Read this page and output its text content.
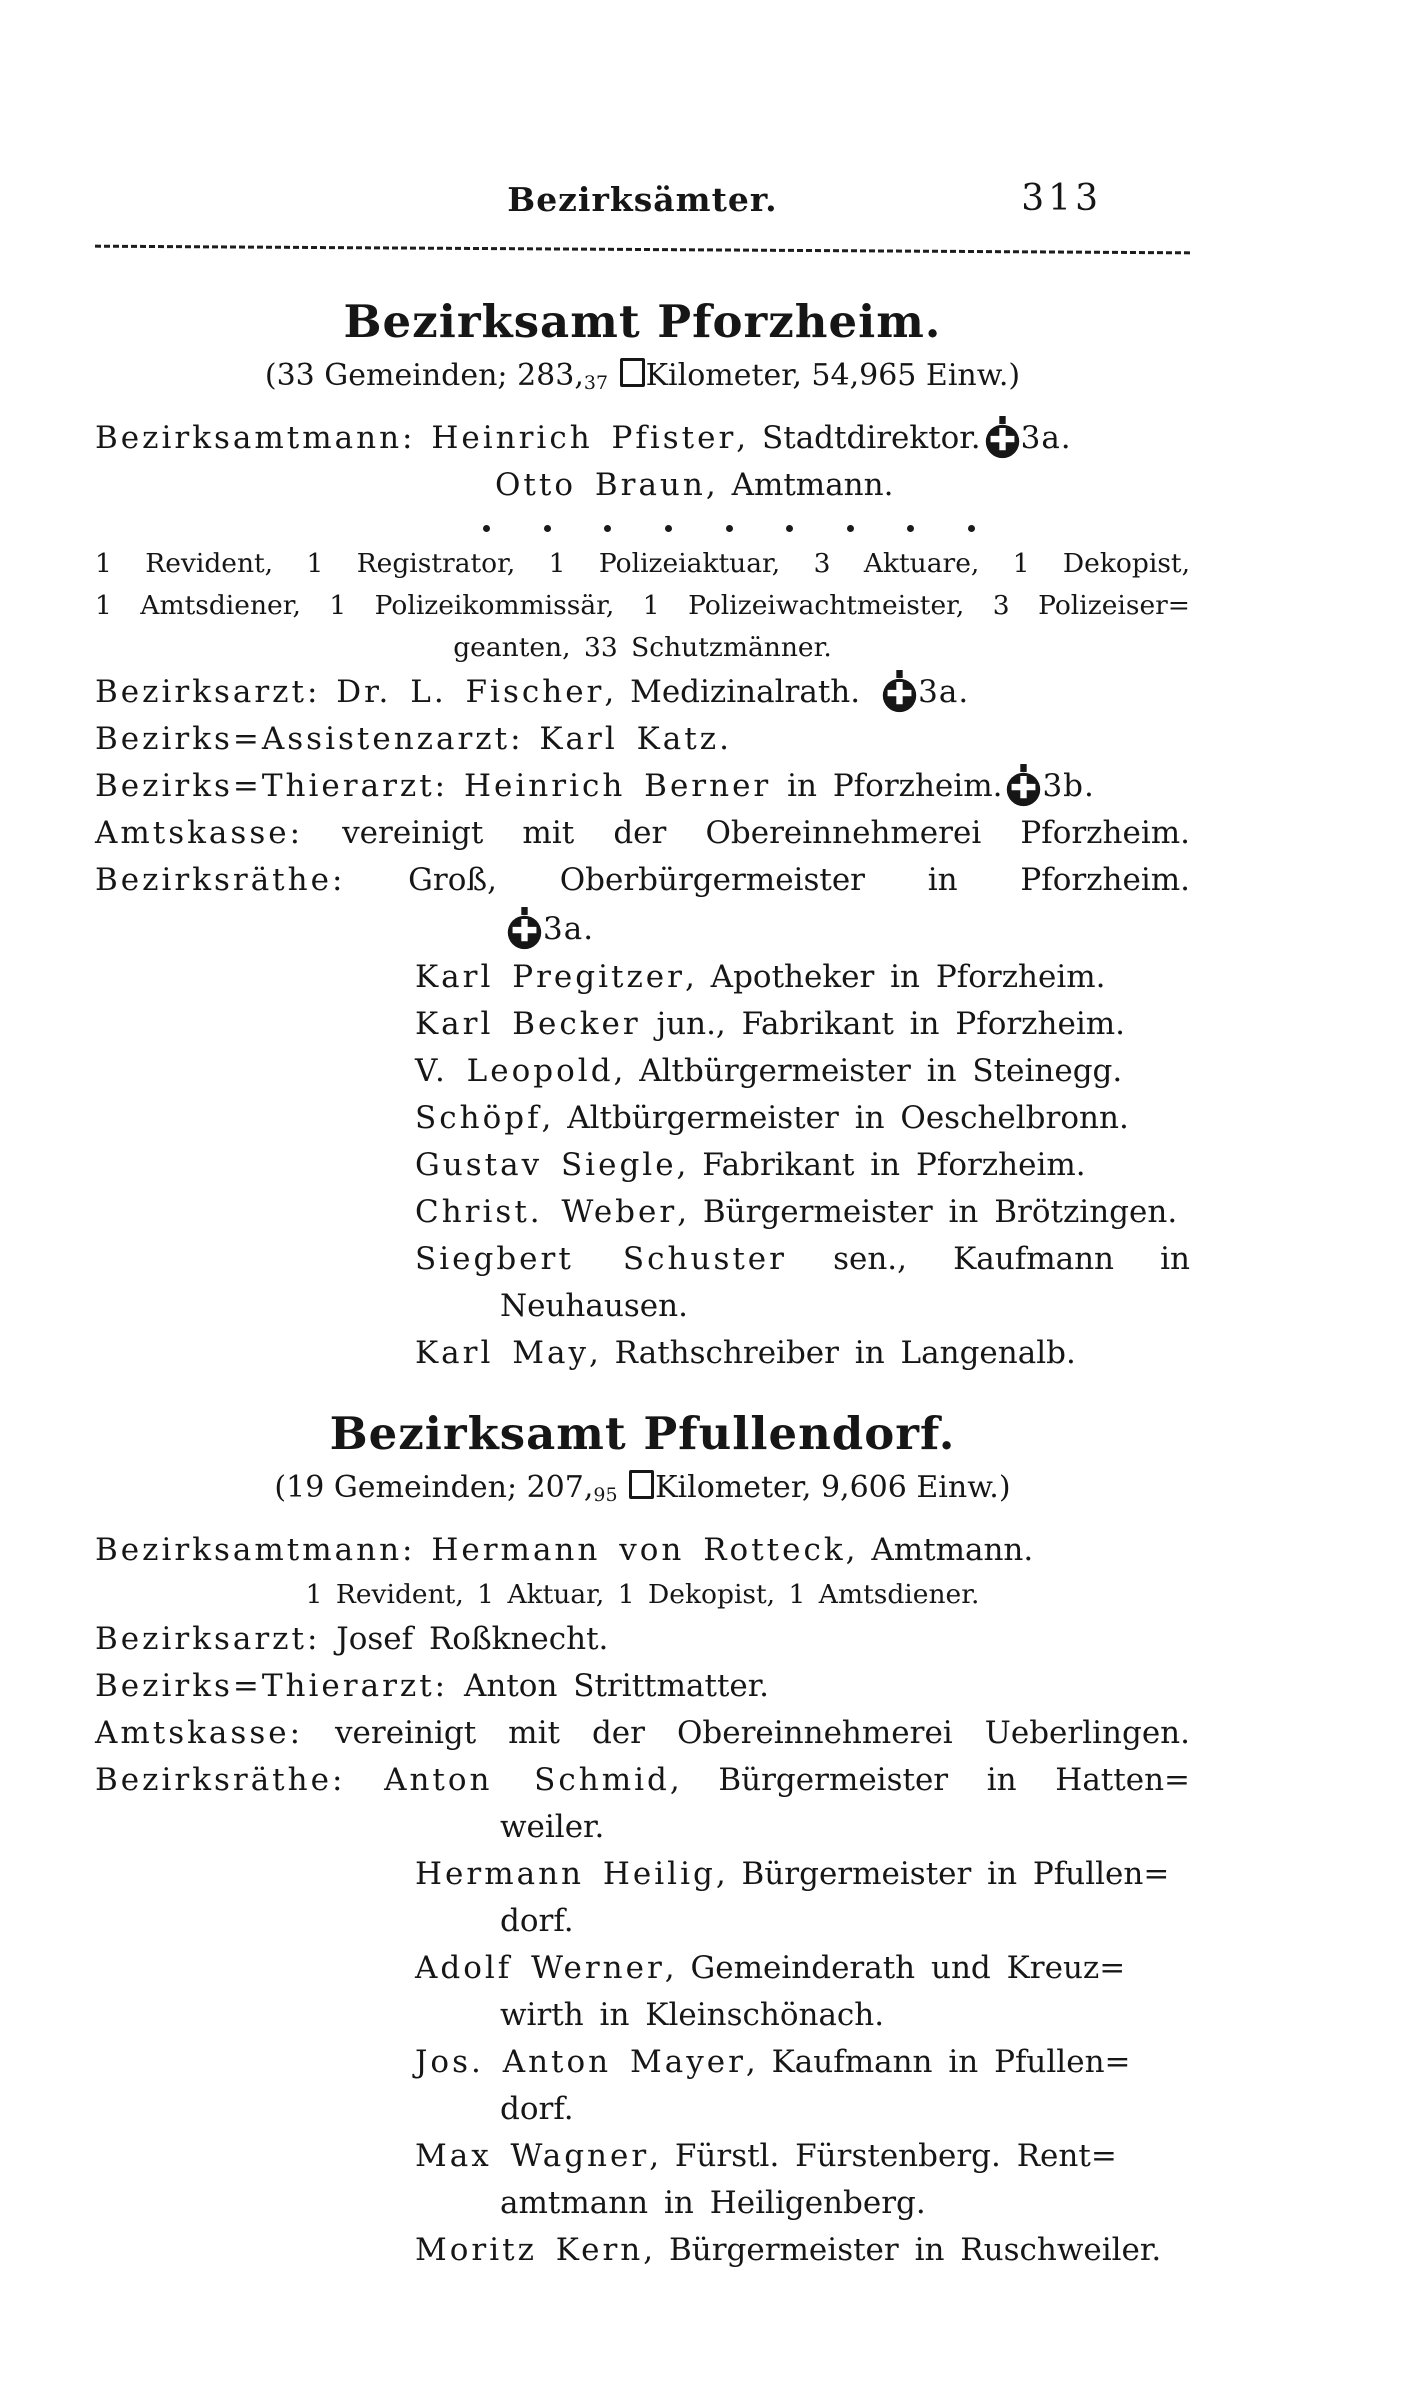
Bezirksämter.	313
Bezirksamt Pforzheim.

(33 Gemeinden; 283,37 Kilometer, 54,965 Einw.)

Bezirksamtmann: Heinrich Pfister, Stadtdirektor. 3a.

Otto Braun, Amtmann.

1 Revident, 1 Registrator, 1 Polizeiaktuar, 3 Aktuare, 1 Dekopist,

1 Amtsdiener, 1 Polizeikommissär, 1 Polizeiwachtmeister, 3 Polizeiser=

geanten, 33 Schutzmänner.

Bezirksarzt: Dr. L. Fischer, Medizinalrath. 3a.

Bezirks=Assistenzarzt: Karl Katz.

Bezirks=Thierarzt: Heinrich Berner in Pforzheim. 3b.

Amtskasse: vereinigt mit der Obereinnehmerei Pforzheim.

Bezirksräthe: Groß, Oberbürgermeister in Pforzheim.

3a.

Karl Pregitzer, Apotheker in Pforzheim.

Karl Becker jun., Fabrikant in Pforzheim.

V. Leopold, Altbürgermeister in Steinegg.

Schöpf, Altbürgermeister in Oeschelbronn.

Gustav Siegle, Fabrikant in Pforzheim.

Christ. Weber, Bürgermeister in Brötzingen.

Siegbert Schuster sen., Kaufmann in

Neuhausen.

Karl May, Rathschreiber in Langenalb.

Bezirksamt Pfullendorf.

(19 Gemeinden; 207,95 Kilometer, 9,606 Einw.)

Bezirksamtmann: Hermann von Rotteck, Amtmann.

1 Revident, 1 Aktuar, 1 Dekopist, 1 Amtsdiener.

Bezirksarzt: Josef Roßknecht.

Bezirks=Thierarzt: Anton Strittmatter.

Amtskasse: vereinigt mit der Obereinnehmerei Ueberlingen.

Bezirksräthe: Anton Schmid, Bürgermeister in Hatten=

weiler.

Hermann Heilig, Bürgermeister in Pfullen=

dorf.

Adolf Werner, Gemeinderath und Kreuz=

wirth in Kleinschönach.

Jos. Anton Mayer, Kaufmann in Pfullen=

dorf.

Max Wagner, Fürstl. Fürstenberg. Rent=

amtmann in Heiligenberg.

Moritz Kern, Bürgermeister in Ruschweiler.
